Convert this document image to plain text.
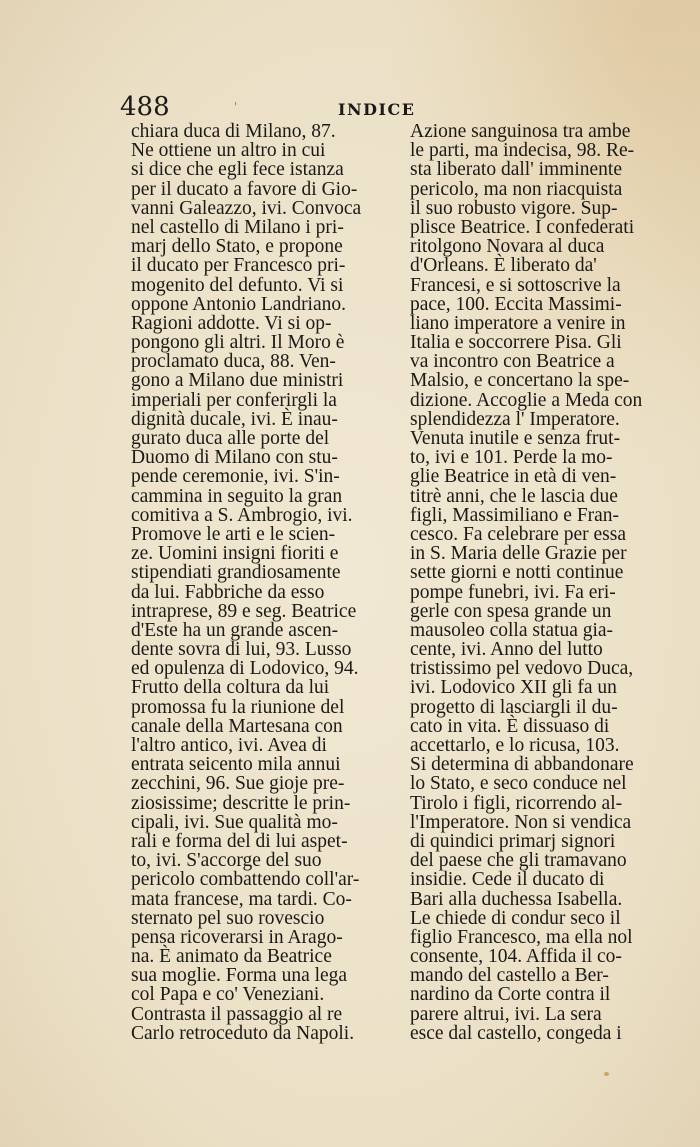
488	'	INDICE
chiara duca di Milano, 87.
Ne ottiene un altro in cui
si dice che egli fece istanza
per il ducato a favore di Gio-
vanni Galeazzo, ivi. Convoca
nel castello di Milano i pri-
marj dello Stato, e propone
il ducato per Francesco pri-
mogenito del defunto. Vi si
oppone Antonio Landriano.
Ragioni addotte. Vi si op-
pongono gli altri. Il Moro è
proclamato duca, 88. Ven-
gono a Milano due ministri
imperiali per conferirgli la
dignità ducale, ivi. È inau-
gurato duca alle porte del
Duomo di Milano con stu-
pende ceremonie, ivi. S'in-
cammina in seguito la gran
comitiva a S. Ambrogio, ivi.
Promove le arti e le scien-
ze. Uomini insigni fioriti e
stipendiati grandiosamente
da lui. Fabbriche da esso
intraprese, 89 e seg. Beatrice
d'Este ha un grande ascen-
dente sovra di lui, 93. Lusso
ed opulenza di Lodovico, 94.
Frutto della coltura da lui
promossa fu la riunione del
canale della Martesana con
l'altro antico, ivi. Avea di
entrata seicento mila annui
zecchini, 96. Sue gioje pre-
ziosissime; descritte le prin-
cipali, ivi. Sue qualità mo-
rali e forma del di lui aspet-
to, ivi. S'accorge del suo
pericolo combattendo coll'ar-
mata francese, ma tardi. Co-
sternato pel suo rovescio
pensa ricoverarsi in Arago-
na. È animato da Beatrice
sua moglie. Forma una lega
col Papa e co' Veneziani.
Contrasta il passaggio al re
Carlo retroceduto da Napoli.
Azione sanguinosa tra ambe
le parti, ma indecisa, 98. Re-
sta liberato dall' imminente
pericolo, ma non riacquista
il suo robusto vigore. Sup-
plisce Beatrice. I confederati
ritolgono Novara al duca
d'Orleans. È liberato da'
Francesi, e si sottoscrive la
pace, 100. Eccita Massimi-
liano imperatore a venire in
Italia e soccorrere Pisa. Gli
va incontro con Beatrice a
Malsio, e concertano la spe-
dizione. Accoglie a Meda con
splendidezza l' Imperatore.
Venuta inutile e senza frut-
to, ivi e 101. Perde la mo-
glie Beatrice in età di ven-
titrè anni, che le lascia due
figli, Massimiliano e Fran-
cesco. Fa celebrare per essa
in S. Maria delle Grazie per
sette giorni e notti continue
pompe funebri, ivi. Fa eri-
gerle con spesa grande un
mausoleo colla statua gia-
cente, ivi. Anno del lutto
tristissimo pel vedovo Duca,
ivi. Lodovico XII gli fa un
progetto di lasciargli il du-
cato in vita. È dissuaso di
accettarlo, e lo ricusa, 103.
Si determina di abbandonare
lo Stato, e seco conduce nel
Tirolo i figli, ricorrendo al-
l'Imperatore. Non si vendica
di quindici primarj signori
del paese che gli tramavano
insidie. Cede il ducato di
Bari alla duchessa Isabella.
Le chiede di condur seco il
figlio Francesco, ma ella nol
consente, 104. Affida il co-
mando del castello a Ber-
nardino da Corte contra il
parere altrui, ivi. La sera
esce dal castello, congeda i
